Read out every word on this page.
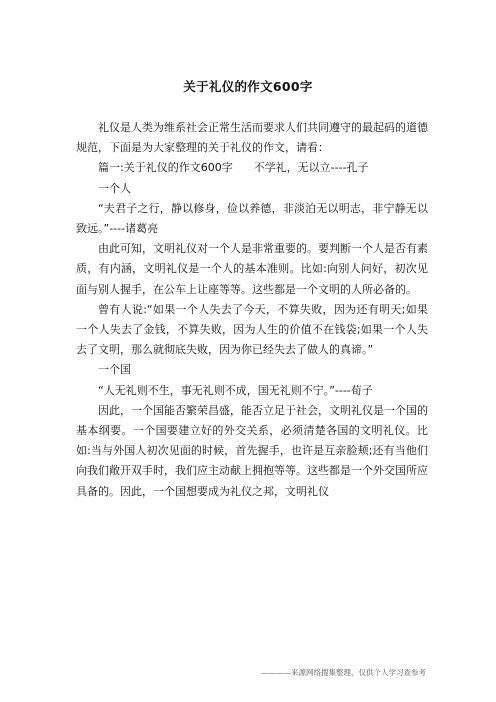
关于礼仪的作文600字

礼仪是人类为维系社会正常生活而要求人们共同遵守的最起码的道德规范，下面是为大家整理的关于礼仪的作文，请看：

篇一:关于礼仪的作文600字      不学礼，无以立----孔子

一个人

“夫君子之行，静以修身，俭以养德，非淡泊无以明志，非宁静无以致远。”----诸葛亮

由此可知，文明礼仪对一个人是非常重要的。要判断一个人是否有素质，有内涵，文明礼仪是一个人的基本准则。比如:向别人问好，初次见面与别人握手，在公车上让座等等。这些都是一个文明的人所必备的。

曾有人说:“如果一个人失去了今天，不算失败，因为还有明天;如果一个人失去了金钱，不算失败，因为人生的价值不在钱袋;如果一个人失去了文明，那么就彻底失败，因为你已经失去了做人的真谛。”

一个国

“人无礼则不生，事无礼则不成，国无礼则不宁。”----荀子

因此，一个国能否繁荣昌盛，能否立足于社会，文明礼仪是一个国的基本纲要。一个国要建立好的外交关系，必须清楚各国的文明礼仪。比如:当与外国人初次见面的时候，首先握手，也许是互亲脸颊;还有当他们向我们敞开双手时，我们应主动献上拥抱等等。这些都是一个外交国所应具备的。因此，一个国想要成为礼仪之邦，文明礼仪

————来源网络搜集整理，仅供个人学习查参考
